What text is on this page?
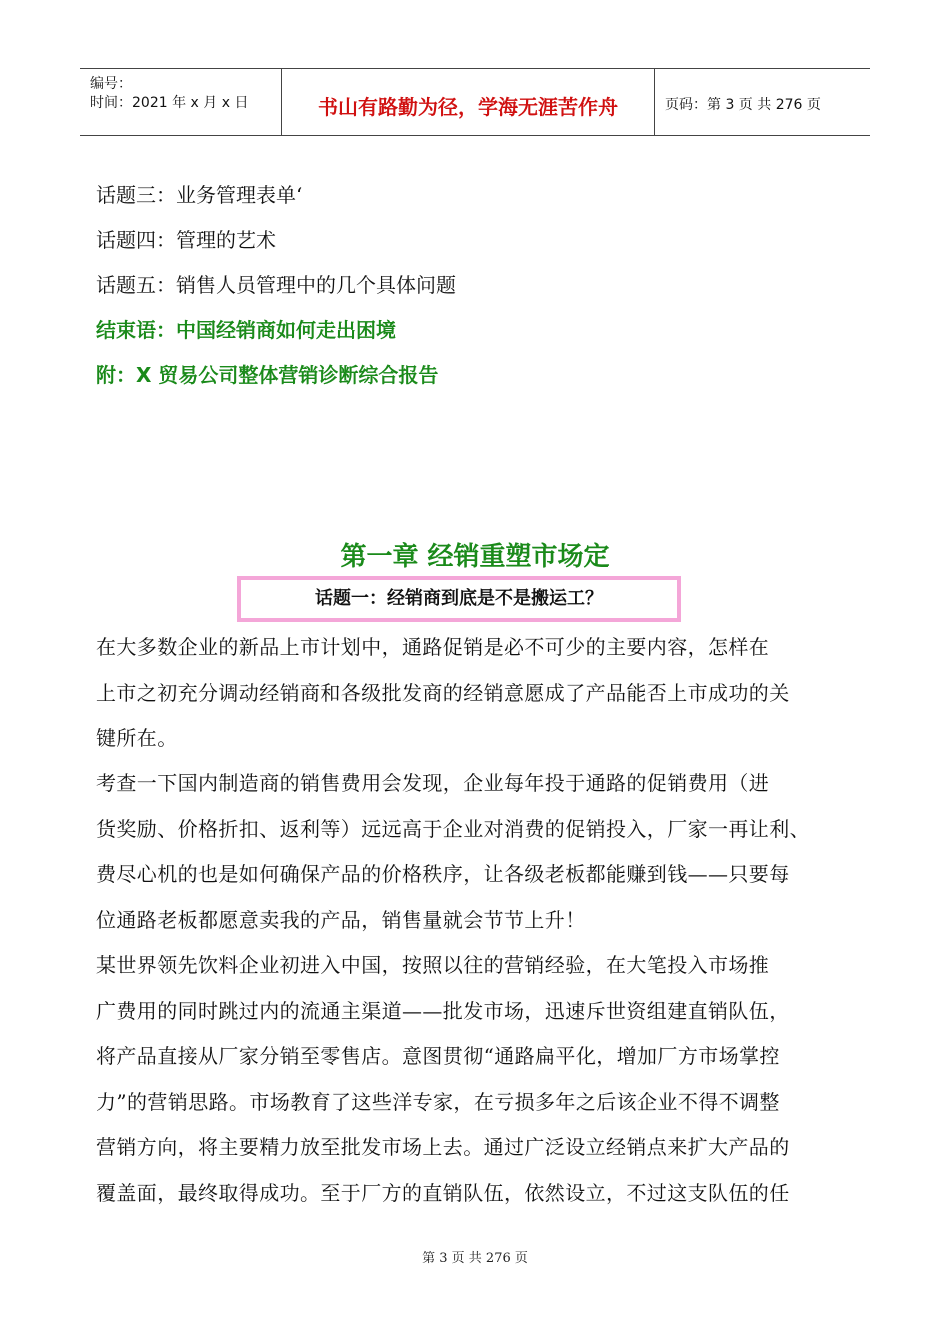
编号：
时间：2021 年 x 月 x 日	书山有路勤为径，学海无涯苦作舟	页码：第 3 页 共 276 页
话题三：业务管理表单‘
话题四：管理的艺术
话题五：销售人员管理中的几个具体问题
结束语：中国经销商如何走出困境
附：X 贸易公司整体营销诊断综合报告
第一章 经销重塑市场定
话题一：经销商到底是不是搬运工？
在大多数企业的新品上市计划中，通路促销是必不可少的主要内容，怎样在
上市之初充分调动经销商和各级批发商的经销意愿成了产品能否上市成功的关
键所在。
考查一下国内制造商的销售费用会发现，企业每年投于通路的促销费用（进
货奖励、价格折扣、返利等）远远高于企业对消费的促销投入，厂家一再让利、
费尽心机的也是如何确保产品的价格秩序，让各级老板都能赚到钱——只要每
位通路老板都愿意卖我的产品，销售量就会节节上升！
某世界领先饮料企业初进入中国，按照以往的营销经验，在大笔投入市场推
广费用的同时跳过内的流通主渠道——批发市场，迅速斥世资组建直销队伍，
将产品直接从厂家分销至零售店。意图贯彻“通路扁平化，增加厂方市场掌控
力”的营销思路。市场教育了这些洋专家，在亏损多年之后该企业不得不调整
营销方向，将主要精力放至批发市场上去。通过广泛设立经销点来扩大产品的
覆盖面，最终取得成功。至于厂方的直销队伍，依然设立，不过这支队伍的任
第 3 页 共 276 页
